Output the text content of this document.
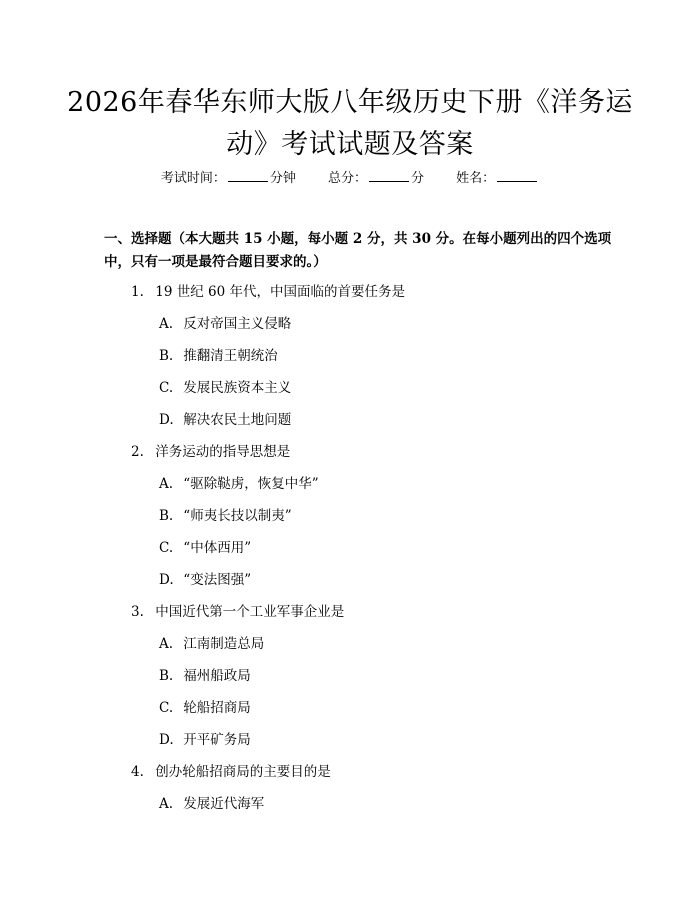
2026年春华东师大版八年级历史下册《洋务运动》考试试题及答案
考试时间：	分钟 总分：	分 姓名：
一、选择题（本大题共 15 小题，每小题 2 分，共 30 分。在每小题列出的四个选项中，只有一项是最符合题目要求的。）
1. 19 世纪 60 年代，中国面临的首要任务是
A. 反对帝国主义侵略
B. 推翻清王朝统治
C. 发展民族资本主义
D. 解决农民土地问题
2. 洋务运动的指导思想是
A. “驱除鞑虏，恢复中华”
B. “师夷长技以制夷”
C. “中体西用”
D. “变法图强”
3. 中国近代第一个工业军事企业是
A. 江南制造总局
B. 福州船政局
C. 轮船招商局
D. 开平矿务局
4. 创办轮船招商局的主要目的是
A. 发展近代海军
